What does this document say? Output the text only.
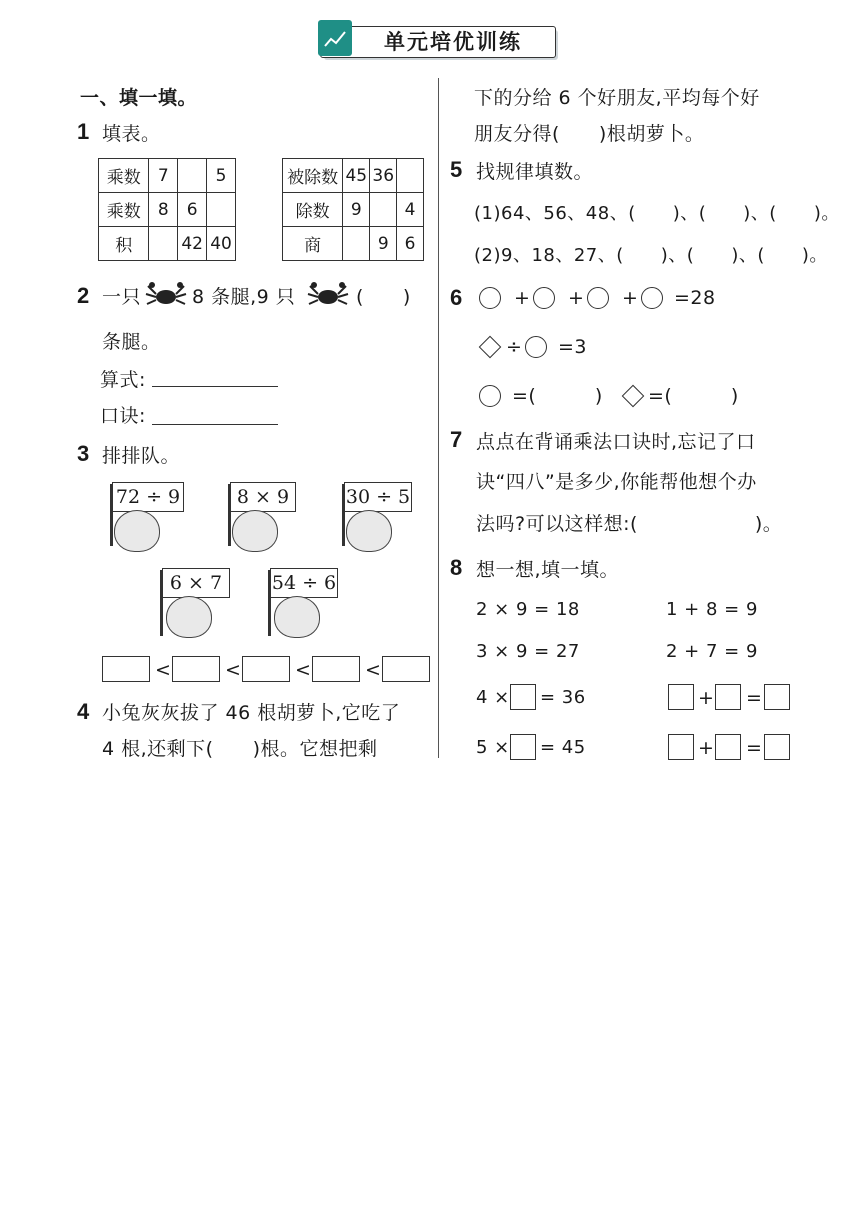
单元培优训练
一、填一填。
1 填表。
乘数	7		5
乘数	8	6	
积		42	40
被除数	45	36	
除数	9		4
商		9	6
2 一只	8 条腿,9 只	(　　)
条腿。
算式:
口诀:
3 排排队。
72 ÷ 9	8 × 9	30 ÷ 5
6 × 7	54 ÷ 6
<	<	<	<
4 小兔灰灰拔了 46 根胡萝卜,它吃了
4 根,还剩下(　　)根。它想把剩
下的分给 6 个好朋友,平均每个好
朋友分得(　　)根胡萝卜。
5 找规律填数。
(1)64、56、48、(　　)、(　　)、(　　)。
(2)9、18、27、(　　)、(　　)、(　　)。
6	+ + + =28
÷ =3
=(　　　) =(　　　)
7 点点在背诵乘法口诀时,忘记了口
诀“四八”是多少,你能帮他想个办
法吗?可以这样想:(　　　　　　)。
8 想一想,填一填。
2 × 9 = 18
3 × 9 = 27
4 × = 36
5 × = 45
1 + 8 = 9
2 + 7 = 9
+ =
+ =
